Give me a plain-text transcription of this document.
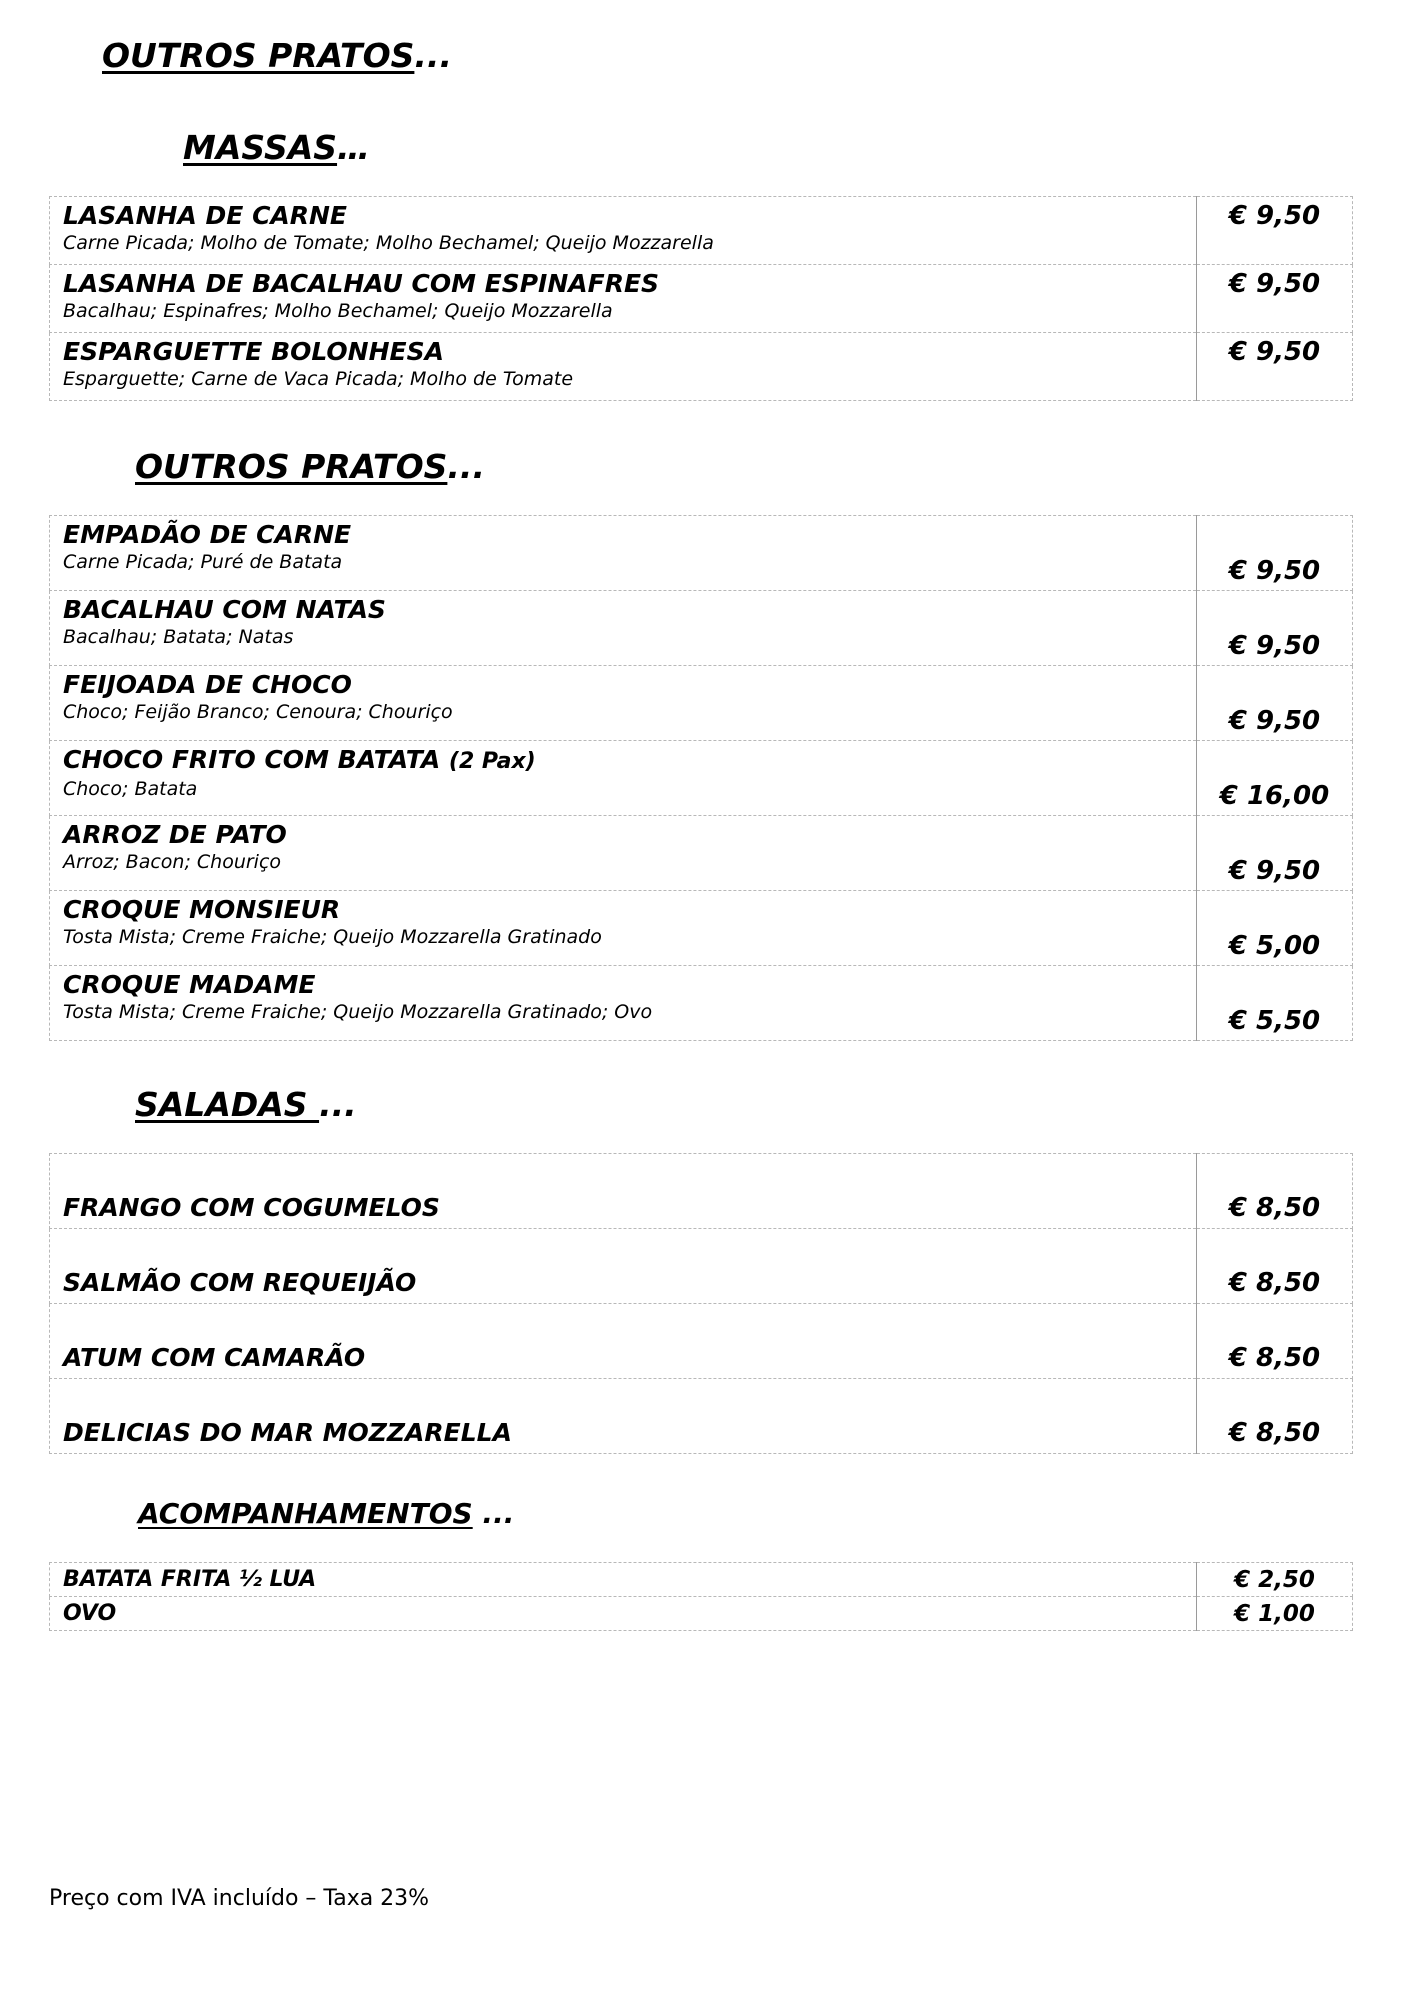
OUTROS PRATOS...
MASSAS…
LASANHA DE CARNE
Carne Picada; Molho de Tomate; Molho Bechamel; Queijo Mozzarella	€ 9,50

LASANHA DE BACALHAU COM ESPINAFRES
Bacalhau; Espinafres; Molho Bechamel; Queijo Mozzarella	€ 9,50

ESPARGUETTE BOLONHESA
Esparguette; Carne de Vaca Picada; Molho de Tomate	€ 9,50
OUTROS PRATOS...
EMPADÃO DE CARNE
Carne Picada; Puré de Batata	€ 9,50

BACALHAU COM NATAS
Bacalhau; Batata; Natas	€ 9,50

FEIJOADA DE CHOCO
Choco; Feijão Branco; Cenoura; Chouriço	€ 9,50

CHOCO FRITO COM BATATA (2 Pax)
Choco; Batata	€ 16,00

ARROZ DE PATO
Arroz; Bacon; Chouriço	€ 9,50

CROQUE MONSIEUR
Tosta Mista; Creme Fraiche; Queijo Mozzarella Gratinado	€ 5,00

CROQUE MADAME
Tosta Mista; Creme Fraiche; Queijo Mozzarella Gratinado; Ovo	€ 5,50
SALADAS ...
FRANGO COM COGUMELOS	€ 8,50

SALMÃO COM REQUEIJÃO	€ 8,50

ATUM COM CAMARÃO	€ 8,50

DELICIAS DO MAR MOZZARELLA	€ 8,50
ACOMPANHAMENTOS ...
BATATA FRITA ½ LUA	€ 2,50

OVO	€ 1,00
Preço com IVA incluído – Taxa 23%
